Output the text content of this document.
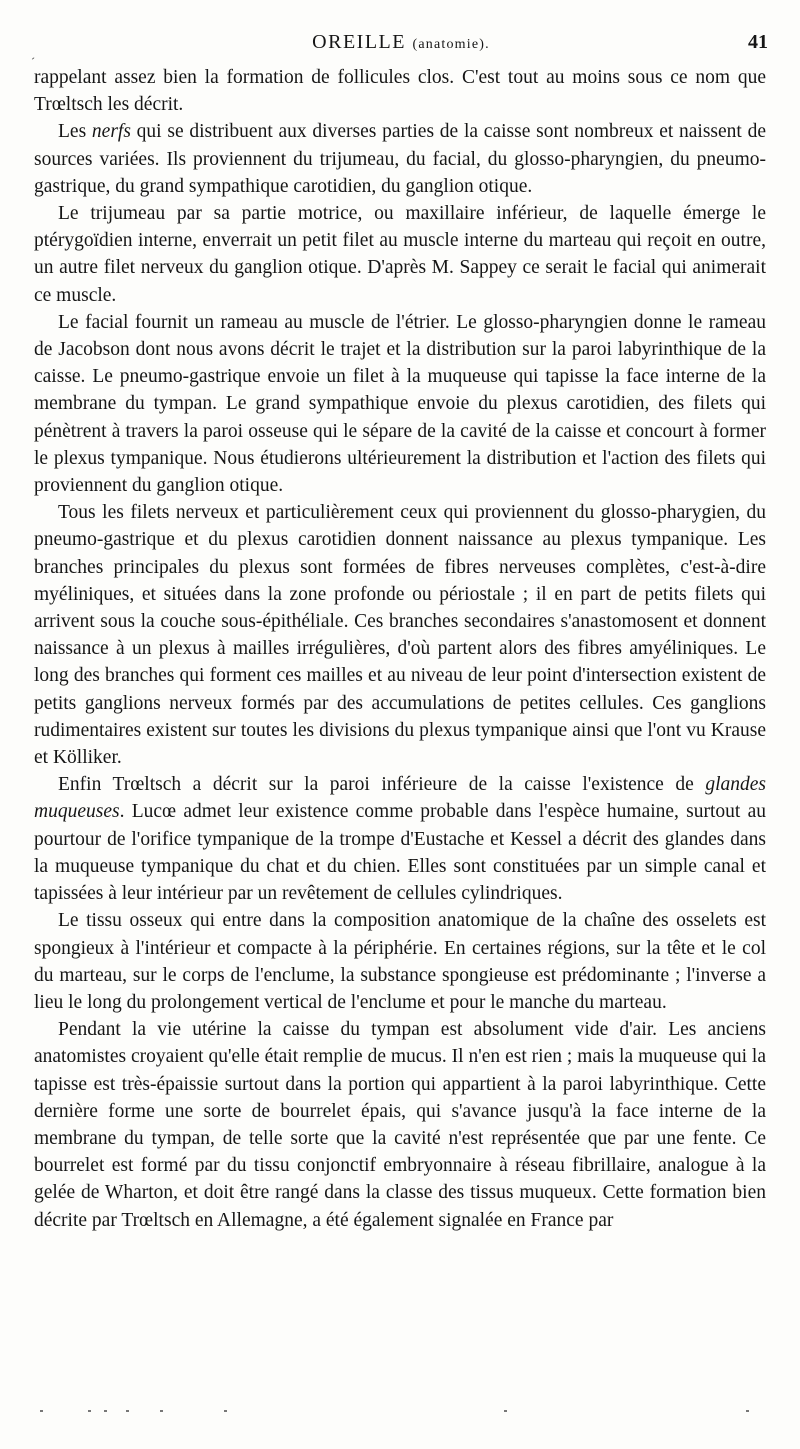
OREILLE (anatomie).	41
´

rappelant assez bien la formation de follicules clos. C'est tout au moins sous ce nom que Trœltsch les décrit.

Les nerfs qui se distribuent aux diverses parties de la caisse sont nombreux et naissent de sources variées. Ils proviennent du trijumeau, du facial, du glosso-pharyngien, du pneumo-gastrique, du grand sympathique carotidien, du ganglion otique.

Le trijumeau par sa partie motrice, ou maxillaire inférieur, de laquelle émerge le ptérygoïdien interne, enverrait un petit filet au muscle interne du marteau qui reçoit en outre, un autre filet nerveux du ganglion otique. D'après M. Sappey ce serait le facial qui animerait ce muscle.

Le facial fournit un rameau au muscle de l'étrier. Le glosso-pharyngien donne le rameau de Jacobson dont nous avons décrit le trajet et la distribution sur la paroi labyrinthique de la caisse. Le pneumo-gastrique envoie un filet à la muqueuse qui tapisse la face interne de la membrane du tympan. Le grand sympathique envoie du plexus carotidien, des filets qui pénètrent à travers la paroi osseuse qui le sépare de la cavité de la caisse et concourt à former le plexus tympanique. Nous étudierons ultérieurement la distribution et l'action des filets qui proviennent du ganglion otique.

Tous les filets nerveux et particulièrement ceux qui proviennent du glosso-pharygien, du pneumo-gastrique et du plexus carotidien donnent naissance au plexus tympanique. Les branches principales du plexus sont formées de fibres nerveuses complètes, c'est-à-dire myéliniques, et situées dans la zone profonde ou périostale ; il en part de petits filets qui arrivent sous la couche sous-épithéliale. Ces branches secondaires s'anastomosent et donnent naissance à un plexus à mailles irrégulières, d'où partent alors des fibres amyéliniques. Le long des branches qui forment ces mailles et au niveau de leur point d'intersection existent de petits ganglions nerveux formés par des accumulations de petites cellules. Ces ganglions rudimentaires existent sur toutes les divisions du plexus tympanique ainsi que l'ont vu Krause et Kölliker.

Enfin Trœltsch a décrit sur la paroi inférieure de la caisse l'existence de glandes muqueuses. Lucœ admet leur existence comme probable dans l'espèce humaine, surtout au pourtour de l'orifice tympanique de la trompe d'Eustache et Kessel a décrit des glandes dans la muqueuse tympanique du chat et du chien. Elles sont constituées par un simple canal et tapissées à leur intérieur par un revêtement de cellules cylindriques.

Le tissu osseux qui entre dans la composition anatomique de la chaîne des osselets est spongieux à l'intérieur et compacte à la périphérie. En certaines régions, sur la tête et le col du marteau, sur le corps de l'enclume, la substance spongieuse est prédominante ; l'inverse a lieu le long du prolongement vertical de l'enclume et pour le manche du marteau.

Pendant la vie utérine la caisse du tympan est absolument vide d'air. Les anciens anatomistes croyaient qu'elle était remplie de mucus. Il n'en est rien ; mais la muqueuse qui la tapisse est très-épaissie surtout dans la portion qui appartient à la paroi labyrinthique. Cette dernière forme une sorte de bourrelet épais, qui s'avance jusqu'à la face interne de la membrane du tympan, de telle sorte que la cavité n'est représentée que par une fente. Ce bourrelet est formé par du tissu conjonctif embryonnaire à réseau fibrillaire, analogue à la gelée de Wharton, et doit être rangé dans la classe des tissus muqueux. Cette formation bien décrite par Trœltsch en Allemagne, a été également signalée en France par
